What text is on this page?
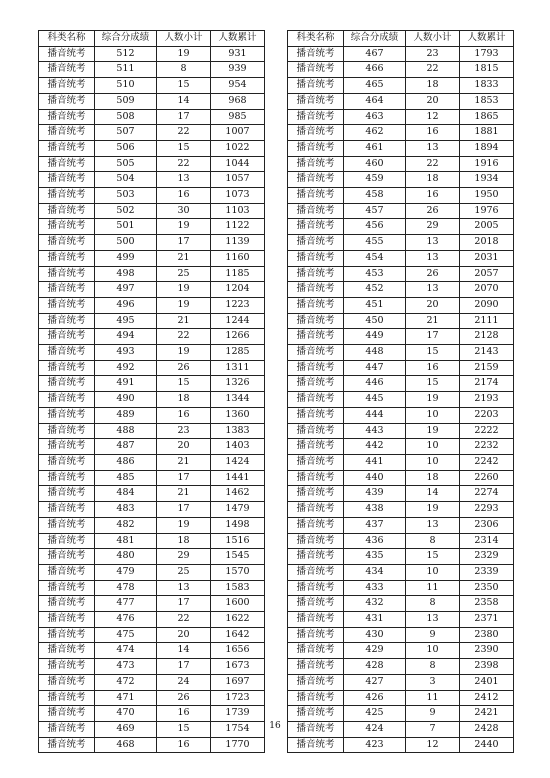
科类名称	综合分成绩	人数小计	人数累计
播音统考	512	19	931
播音统考	511	8	939
播音统考	510	15	954
播音统考	509	14	968
播音统考	508	17	985
播音统考	507	22	1007
播音统考	506	15	1022
播音统考	505	22	1044
播音统考	504	13	1057
播音统考	503	16	1073
播音统考	502	30	1103
播音统考	501	19	1122
播音统考	500	17	1139
播音统考	499	21	1160
播音统考	498	25	1185
播音统考	497	19	1204
播音统考	496	19	1223
播音统考	495	21	1244
播音统考	494	22	1266
播音统考	493	19	1285
播音统考	492	26	1311
播音统考	491	15	1326
播音统考	490	18	1344
播音统考	489	16	1360
播音统考	488	23	1383
播音统考	487	20	1403
播音统考	486	21	1424
播音统考	485	17	1441
播音统考	484	21	1462
播音统考	483	17	1479
播音统考	482	19	1498
播音统考	481	18	1516
播音统考	480	29	1545
播音统考	479	25	1570
播音统考	478	13	1583
播音统考	477	17	1600
播音统考	476	22	1622
播音统考	475	20	1642
播音统考	474	14	1656
播音统考	473	17	1673
播音统考	472	24	1697
播音统考	471	26	1723
播音统考	470	16	1739
播音统考	469	15	1754
播音统考	468	16	1770
科类名称	综合分成绩	人数小计	人数累计
播音统考	467	23	1793
播音统考	466	22	1815
播音统考	465	18	1833
播音统考	464	20	1853
播音统考	463	12	1865
播音统考	462	16	1881
播音统考	461	13	1894
播音统考	460	22	1916
播音统考	459	18	1934
播音统考	458	16	1950
播音统考	457	26	1976
播音统考	456	29	2005
播音统考	455	13	2018
播音统考	454	13	2031
播音统考	453	26	2057
播音统考	452	13	2070
播音统考	451	20	2090
播音统考	450	21	2111
播音统考	449	17	2128
播音统考	448	15	2143
播音统考	447	16	2159
播音统考	446	15	2174
播音统考	445	19	2193
播音统考	444	10	2203
播音统考	443	19	2222
播音统考	442	10	2232
播音统考	441	10	2242
播音统考	440	18	2260
播音统考	439	14	2274
播音统考	438	19	2293
播音统考	437	13	2306
播音统考	436	8	2314
播音统考	435	15	2329
播音统考	434	10	2339
播音统考	433	11	2350
播音统考	432	8	2358
播音统考	431	13	2371
播音统考	430	9	2380
播音统考	429	10	2390
播音统考	428	8	2398
播音统考	427	3	2401
播音统考	426	11	2412
播音统考	425	9	2421
播音统考	424	7	2428
播音统考	423	12	2440
16
